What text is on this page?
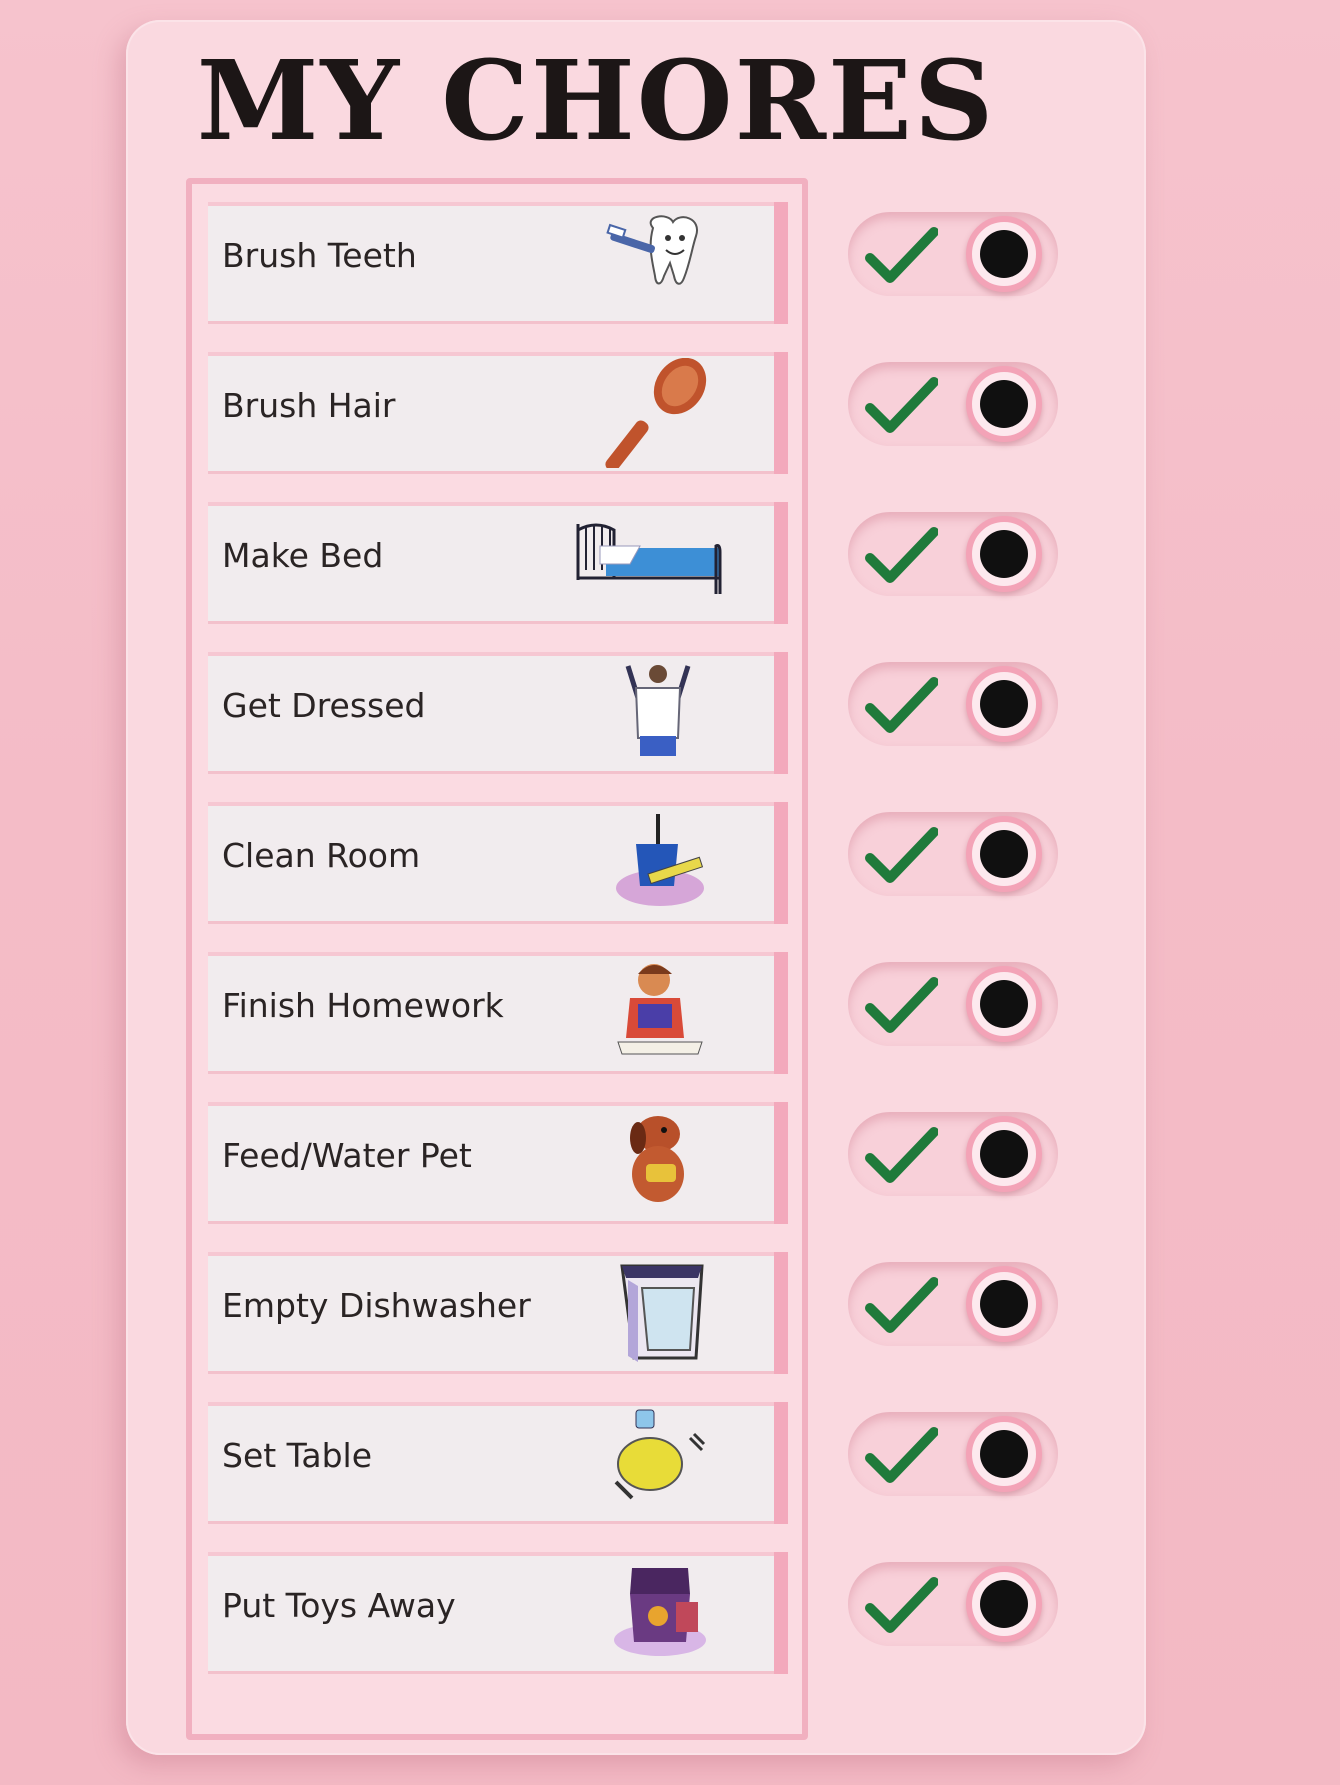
MY CHORES
Brush Teeth
Brush Hair
Make Bed
Get Dressed
Clean Room
Finish Homework
Feed/Water Pet
Empty Dishwasher
Set Table
Put Toys Away
